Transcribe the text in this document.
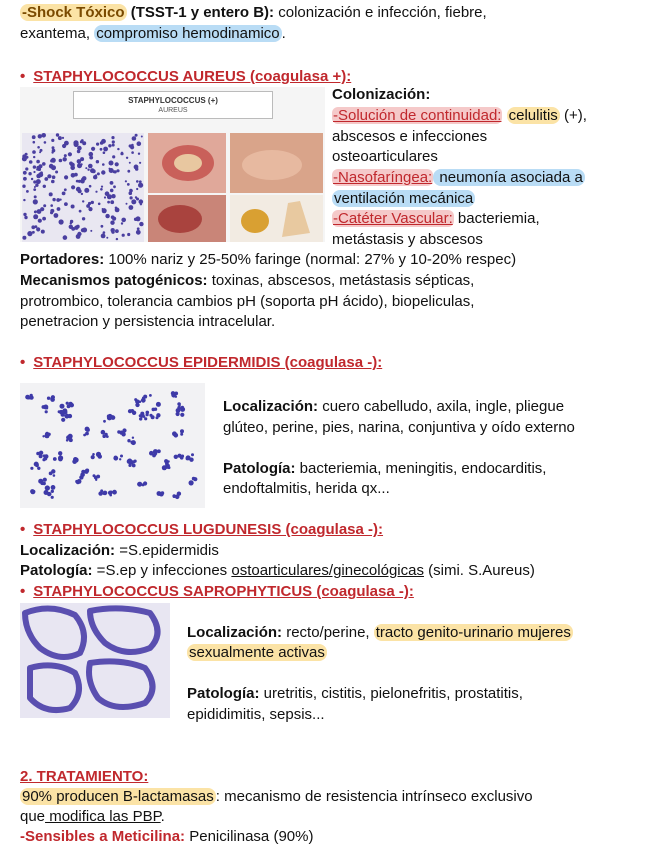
-Shock Tóxico (TSST-1 y entero B): colonización e infección, fiebre,
exantema, compromiso hemodinamico .
• STAPHYLOCOCCUS AUREUS (coagulasa +):
STAPHYLOCOCCUS (+)
AUREUS
Colonización:
-Solución de continuidad: celulitis (+),
abscesos e infecciones
osteoarticulares
-Nasofaríngea: neumonía asociada a
ventilación mecánica
-Catéter Vascular: bacteriemia,
metástasis y abscesos
Portadores: 100% nariz y 25-50% faringe (normal: 27% y 10-20% respec)
Mecanismos patogénicos: toxinas, abscesos, metástasis sépticas,
protrombico, tolerancia cambios pH (soporta pH ácido), biopeliculas,
penetracion y persistencia intracelular.
• STAPHYLOCOCCUS EPIDERMIDIS (coagulasa -):
Localización: cuero cabelludo, axila, ingle, pliegue
glúteo, perine, pies, narina, conjuntiva y oído externo
Patología: bacteriemia, meningitis, endocarditis,
endoftalmitis, herida qx...
• STAPHYLOCOCCUS LUGDUNESIS (coagulasa -):
Localización: =S.epidermidis
Patología: =S.ep y infecciones ostoarticulares/ginecológicas (simi. S.Aureus)
• STAPHYLOCOCCUS SAPROPHYTICUS (coagulasa -):
Localización: recto/perine, tracto genito-urinario mujeres
sexualmente activas
Patología: uretritis, cistitis, pielonefritis, prostatitis,
epididimitis, sepsis...
2. TRATAMIENTO:
90% producen B-lactamasas : mecanismo de resistencia intrínseco exclusivo
que modifica las PBP.
-Sensibles a Meticilina: Penicilinasa (90%)
